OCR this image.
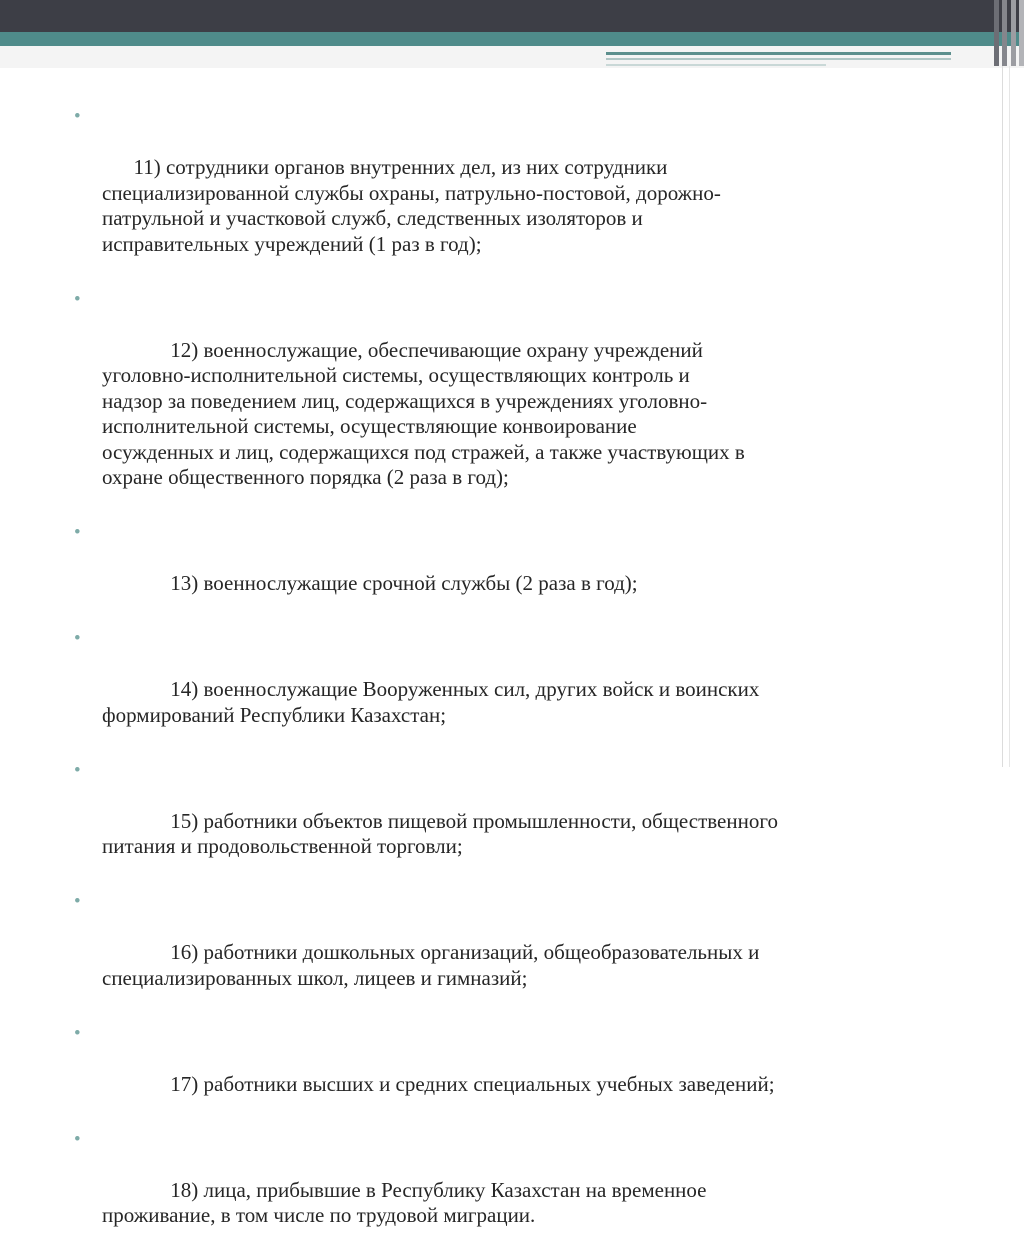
•

11) сотрудники органов внутренних дел, из них сотрудники
специализированной службы охраны, патрульно-постовой, дорожно-
патрульной и участковой служб, следственных изоляторов и
исправительных учреждений (1 раз в год);

•

12) военнослужащие, обеспечивающие охрану учреждений
уголовно-исполнительной системы, осуществляющих контроль и
надзор за поведением лиц, содержащихся в учреждениях уголовно-
исполнительной системы, осуществляющие конвоирование
осужденных и лиц, содержащихся под стражей, а также участвующих в
охране общественного порядка (2 раза в год);

•

13) военнослужащие срочной службы (2 раза в год);

•

14) военнослужащие Вооруженных сил, других войск и воинских
формирований Республики Казахстан;

•

15) работники объектов пищевой промышленности, общественного
питания и продовольственной торговли;

•

16) работники дошкольных организаций, общеобразовательных и
специализированных школ, лицеев и гимназий;

•

17) работники высших и средних специальных учебных заведений;

•

18) лица, прибывшие в Республику Казахстан на временное
проживание, в том числе по трудовой миграции.
